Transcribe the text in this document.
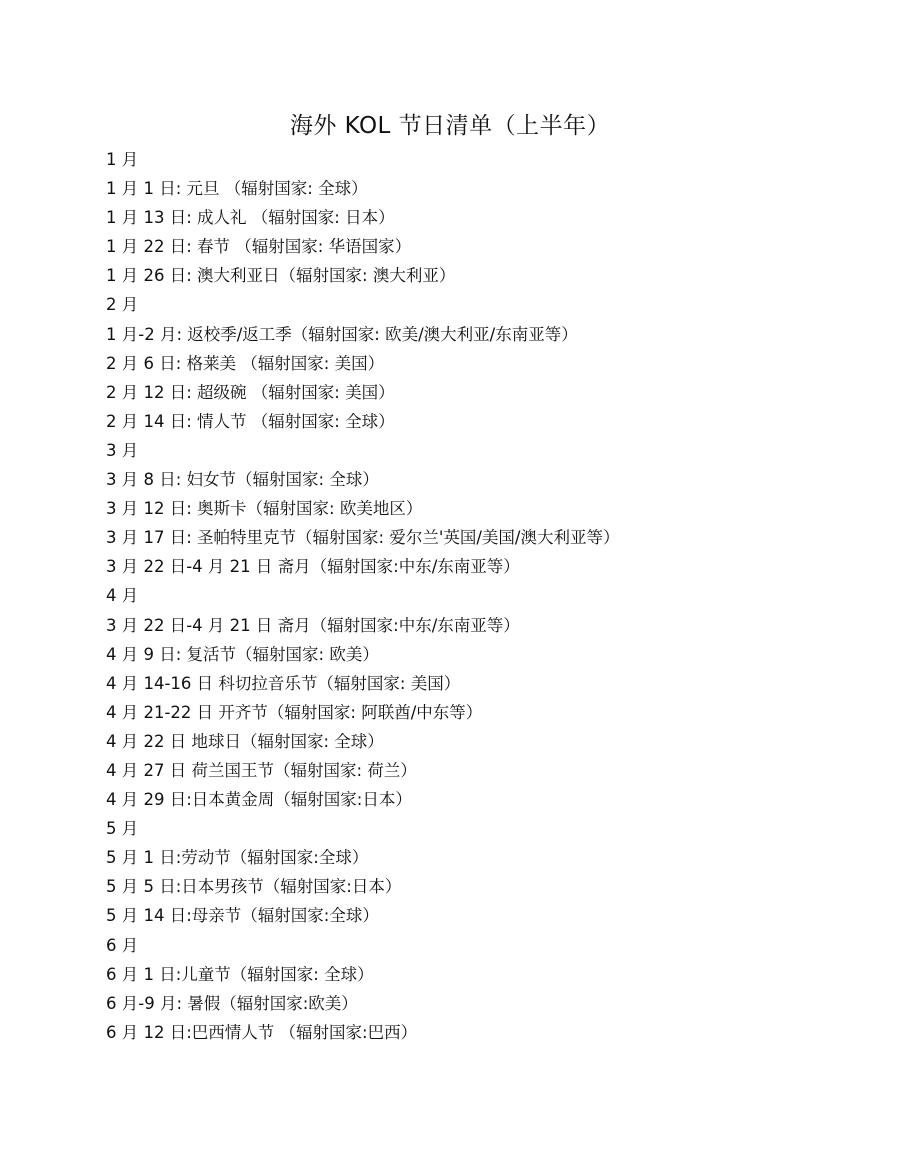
海外 KOL 节日清单（上半年）
1 月
1 月 1 日: 元旦 （辐射国家: 全球）
1 月 13 日: 成人礼 （辐射国家: 日本）
1 月 22 日: 春节 （辐射国家: 华语国家）
1 月 26 日: 澳大利亚日（辐射国家: 澳大利亚）
2 月
1 月-2 月: 返校季/返工季（辐射国家: 欧美/澳大利亚/东南亚等）
2 月 6 日: 格莱美 （辐射国家: 美国）
2 月 12 日: 超级碗 （辐射国家: 美国）
2 月 14 日: 情人节 （辐射国家: 全球）
3 月
3 月 8 日: 妇女节（辐射国家: 全球）
3 月 12 日: 奥斯卡（辐射国家: 欧美地区）
3 月 17 日: 圣帕特里克节（辐射国家: 爱尔兰'英国/美国/澳大利亚等）
3 月 22 日-4 月 21 日 斋月（辐射国家:中东/东南亚等）
4 月
3 月 22 日-4 月 21 日 斋月（辐射国家:中东/东南亚等）
4 月 9 日: 复活节（辐射国家: 欧美）
4 月 14-16 日 科切拉音乐节（辐射国家: 美国）
4 月 21-22 日 开齐节（辐射国家: 阿联酋/中东等）
4 月 22 日 地球日（辐射国家: 全球）
4 月 27 日 荷兰国王节（辐射国家: 荷兰）
4 月 29 日:日本黄金周（辐射国家:日本）
5 月
5 月 1 日:劳动节（辐射国家:全球）
5 月 5 日:日本男孩节（辐射国家:日本）
5 月 14 日:母亲节（辐射国家:全球）
6 月
6 月 1 日:儿童节（辐射国家: 全球）
6 月-9 月: 暑假（辐射国家:欧美）
6 月 12 日:巴西情人节 （辐射国家:巴西）
